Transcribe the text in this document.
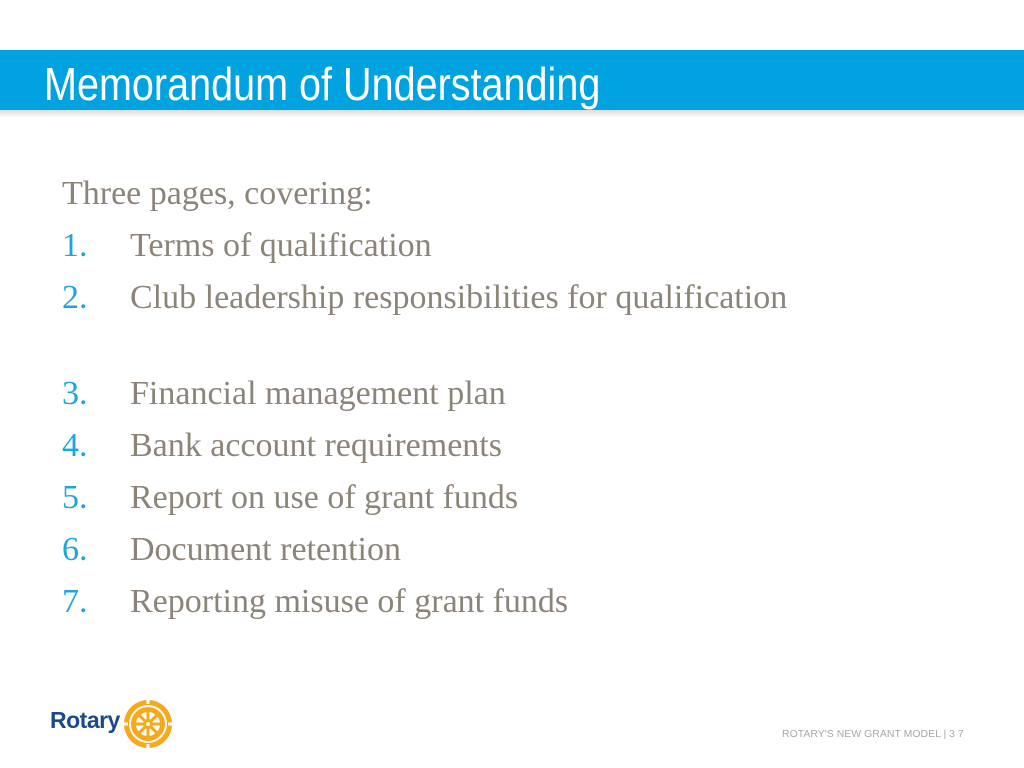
Memorandum of Understanding
Three pages, covering:
1. Terms of qualification
2. Club leadership responsibilities for qualification
3. Financial management plan
4. Bank account requirements
5. Report on use of grant funds
6. Document retention
7. Reporting misuse of grant funds
Rotary
ROTARY'S NEW GRANT MODEL | 3 7
